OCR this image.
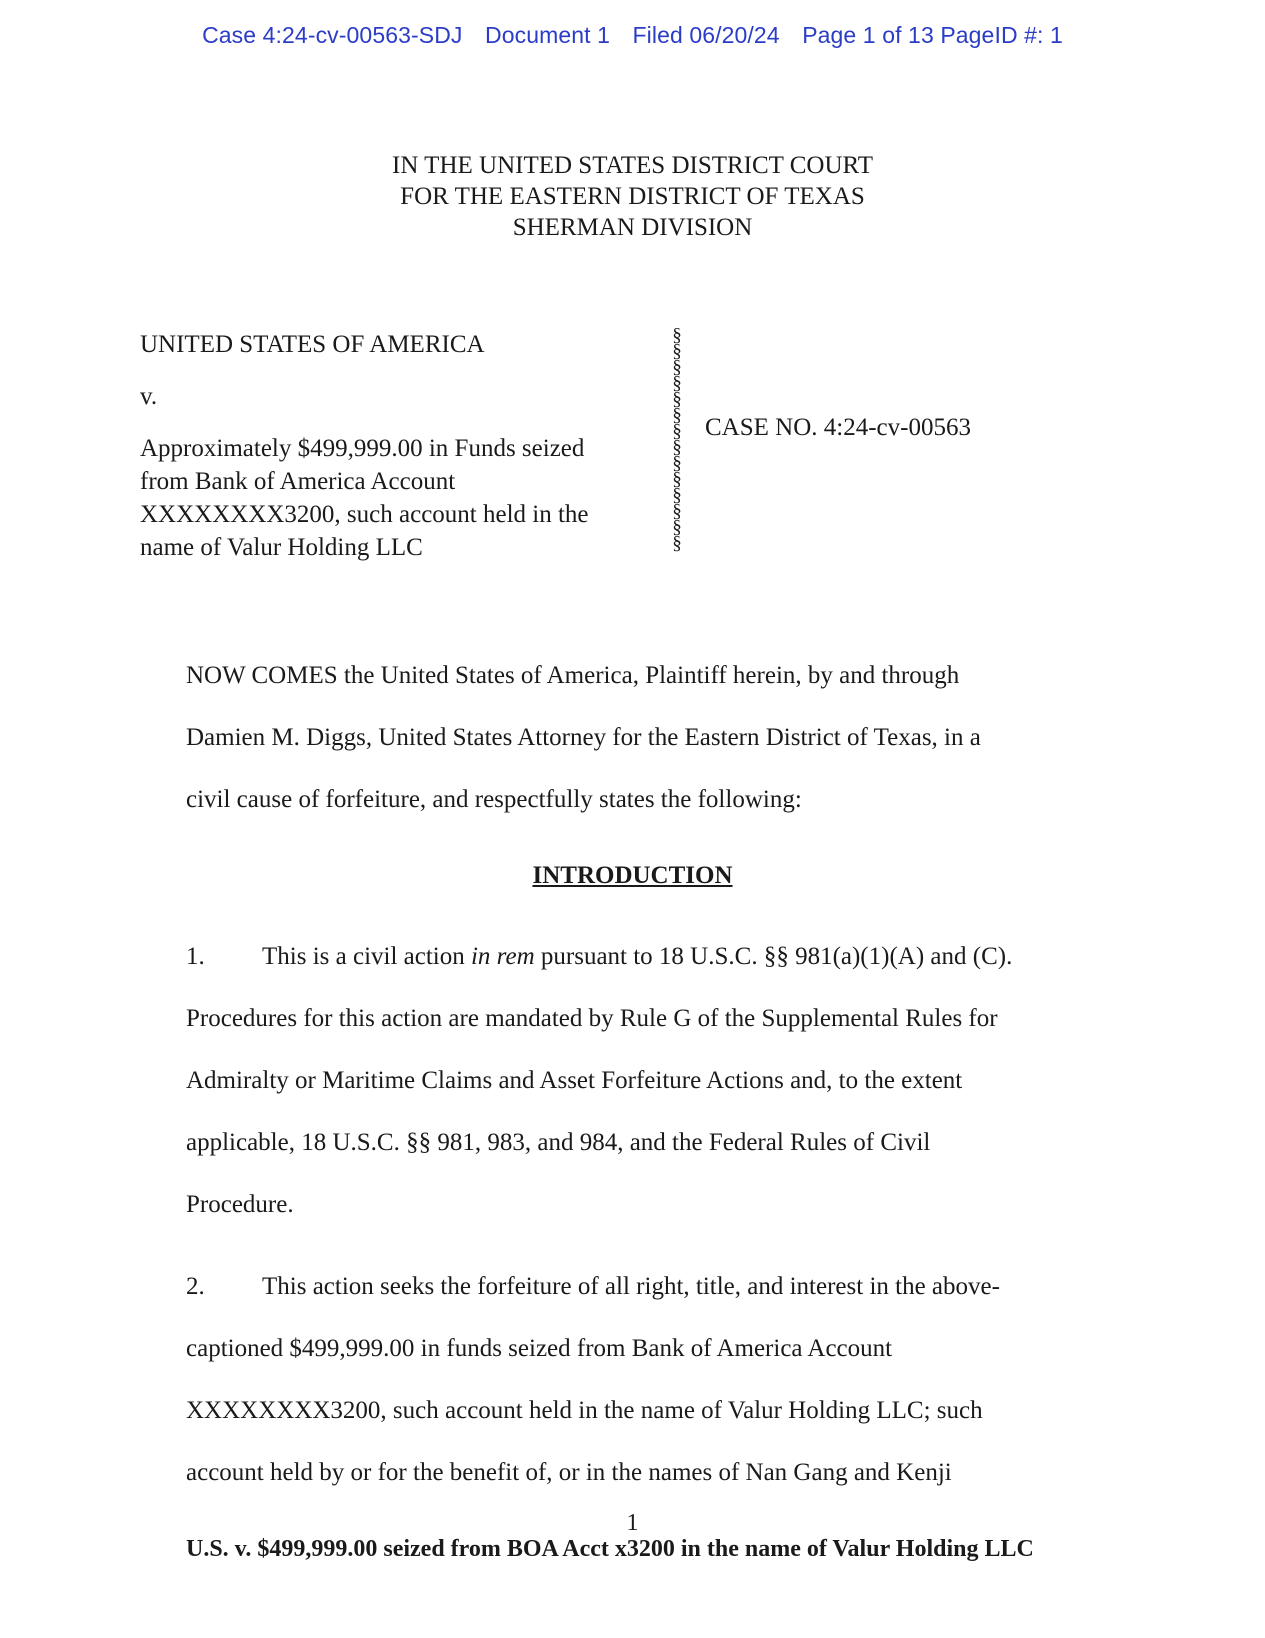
Case 4:24-cv-00563-SDJ Document 1 Filed 06/20/24 Page 1 of 13 PageID #: 1
IN THE UNITED STATES DISTRICT COURT
FOR THE EASTERN DISTRICT OF TEXAS
SHERMAN DIVISION
UNITED STATES OF AMERICA
v.
Approximately $499,999.00 in Funds seized
from Bank of America Account
XXXXXXXX3200, such account held in the
name of Valur Holding LLC
§
§
§
§
§
§
§
§
§
§
§
§
§
§
CASE NO. 4:24-cv-00563
NOW COMES the United States of America, Plaintiff herein, by and through
Damien M. Diggs, United States Attorney for the Eastern District of Texas, in a
civil cause of forfeiture, and respectfully states the following:
INTRODUCTION
1. This is a civil action in rem pursuant to 18 U.S.C. §§ 981(a)(1)(A) and (C).
Procedures for this action are mandated by Rule G of the Supplemental Rules for
Admiralty or Maritime Claims and Asset Forfeiture Actions and, to the extent
applicable, 18 U.S.C. §§ 981, 983, and 984, and the Federal Rules of Civil
Procedure.
2. This action seeks the forfeiture of all right, title, and interest in the above-
captioned $499,999.00 in funds seized from Bank of America Account
XXXXXXXX3200, such account held in the name of Valur Holding LLC; such
account held by or for the benefit of, or in the names of Nan Gang and Kenji
1
U.S. v. $499,999.00 seized from BOA Acct x3200 in the name of Valur Holding LLC
